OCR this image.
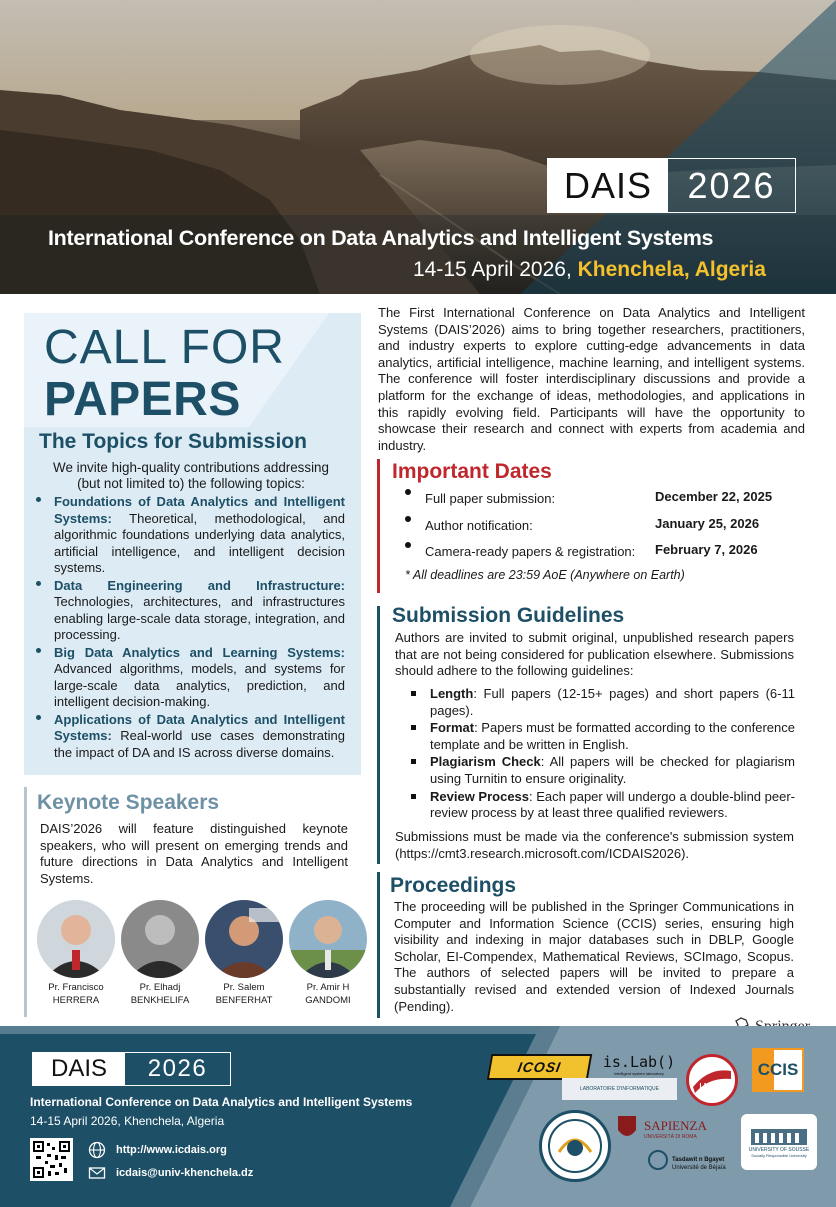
DAIS 2026
International Conference on Data Analytics and Intelligent Systems
14-15 April 2026, Khenchela, Algeria
CALL FOR
PAPERS
The Topics for Submission
We invite high-quality contributions addressing (but not limited to) the following topics:
Foundations of Data Analytics and Intelligent Systems: Theoretical, methodological, and algorithmic foundations underlying data analytics, artificial intelligence, and intelligent decision systems.
Data Engineering and Infrastructure: Technologies, architectures, and infrastructures enabling large-scale data storage, integration, and processing.
Big Data Analytics and Learning Systems: Advanced algorithms, models, and systems for large-scale data analytics, prediction, and intelligent decision-making.
Applications of Data Analytics and Intelligent Systems: Real-world use cases demonstrating the impact of DA and IS across diverse domains.
Keynote Speakers
DAIS’2026 will feature distinguished keynote speakers, who will present on emerging trends and future directions in Data Analytics and Intelligent Systems.
Pr. Francisco
HERRERA
Pr. Elhadj
BENKHELIFA
Pr. Salem
BENFERHAT
Pr. Amir H
GANDOMI
The First International Conference on Data Analytics and Intelligent Systems (DAIS’2026) aims to bring together researchers, practitioners, and industry experts to explore cutting-edge advancements in data analytics, artificial intelligence, machine learning, and intelligent systems. The conference will foster interdisciplinary discussions and provide a platform for the exchange of ideas, methodologies, and applications in this rapidly evolving field. Participants will have the opportunity to showcase their research and connect with experts from academia and industry.
Important Dates
Full paper submission:	December 22, 2025
Author notification:	January 25, 2026
Camera-ready papers & registration: February 7, 2026
* All deadlines are 23:59 AoE (Anywhere on Earth)
Submission Guidelines
Authors are invited to submit original, unpublished research papers that are not being considered for publication elsewhere. Submissions should adhere to the following guidelines:
Length: Full papers (12-15+ pages) and short papers (6-11 pages).
Format: Papers must be formatted according to the conference template and be written in English.
Plagiarism Check: All papers will be checked for plagiarism using Turnitin to ensure originality.
Review Process: Each paper will undergo a double-blind peer-review process by at least three qualified reviewers.
Submissions must be made via the conference's submission system (https://cmt3.research.microsoft.com/ICDAIS2026).
Proceedings
The proceeding will be published in the Springer Communications in Computer and Information Science (CCIS) series, ensuring high visibility and indexing in major databases such in DBLP, Google Scholar, EI-Compendex, Mathematical Reviews, SCImago, Scopus. The authors of selected papers will be invited to prepare a substantially revised and extended version of Indexed Journals (Pending).
DAIS	2026
International Conference on Data Analytics and Intelligent Systems
14-15 April 2026, Khenchela, Algeria
http://www.icdais.org
icdais@univ-khenchela.dz
ICOSI	is.Lab()
intelligent system laboratory
LABORATOIRE D'INFORMATIQUE	LMARS
CCIS
SAPIENZA
UNIVERSITÀ DI ROMA
Tasdawit n Bgayet
Université de Béjaïa
UNIVERSITY OF SOUSSE
Socially Responsible University
